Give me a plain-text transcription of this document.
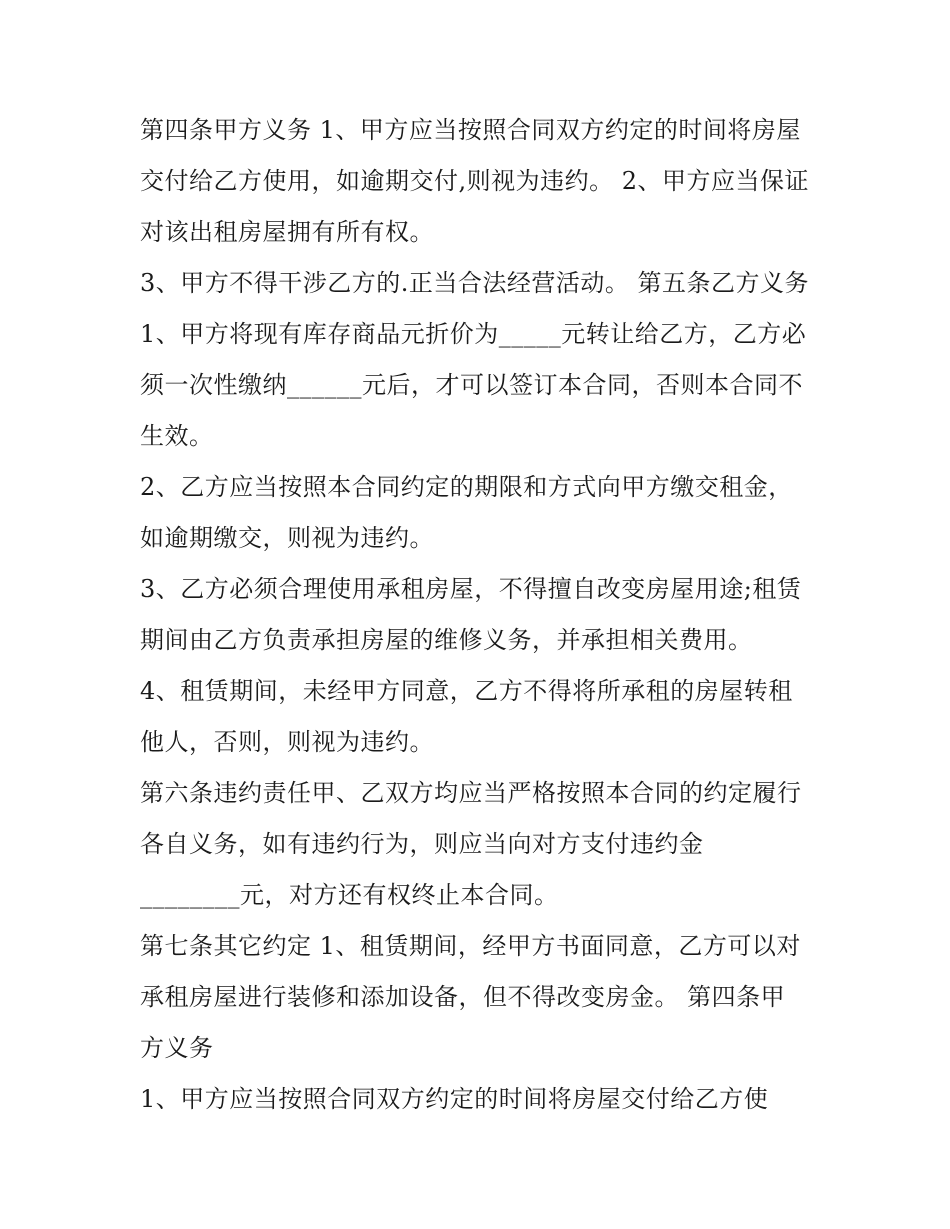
第四条甲方义务 1、甲方应当按照合同双方约定的时间将房屋
交付给乙方使用，如逾期交付,则视为违约。 2、甲方应当保证
对该出租房屋拥有所有权。
3、甲方不得干涉乙方的.正当合法经营活动。 第五条乙方义务
1、甲方将现有库存商品元折价为_____元转让给乙方，乙方必
须一次性缴纳______元后，才可以签订本合同，否则本合同不
生效。
2、乙方应当按照本合同约定的期限和方式向甲方缴交租金，
如逾期缴交，则视为违约。
3、乙方必须合理使用承租房屋，不得擅自改变房屋用途;租赁
期间由乙方负责承担房屋的维修义务，并承担相关费用。
4、租赁期间，未经甲方同意，乙方不得将所承租的房屋转租
他人，否则，则视为违约。
第六条违约责任甲、乙双方均应当严格按照本合同的约定履行
各自义务，如有违约行为，则应当向对方支付违约金
________元，对方还有权终止本合同。
第七条其它约定 1、租赁期间，经甲方书面同意，乙方可以对
承租房屋进行装修和添加设备，但不得改变房金。 第四条甲
方义务
1、甲方应当按照合同双方约定的时间将房屋交付给乙方使
